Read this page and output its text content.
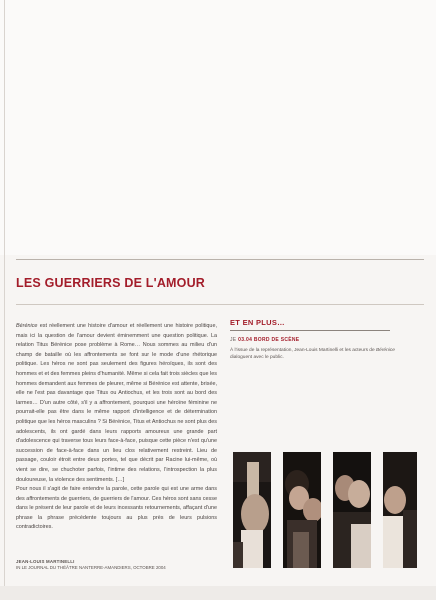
LES GUERRIERS DE L'AMOUR

Bérénice est réellement une histoire d'amour et réellement une histoire politique, mais ici la question de l'amour devient éminemment une question politique. La relation Titus Bérénice pose problème à Rome… Nous sommes au milieu d'un champ de bataille où les affrontements se font sur le mode d'une rhétorique politique. Les héros ne sont pas seulement des figures héroïques, ils sont des hommes et et des femmes pleins d'humanité. Même si cela fait trois siècles que les hommes demandent aux femmes de pleurer, même si Bérénice est attente, brisée, elle ne l'est pas davantage que Titus ou Antiochus, et les trois sont au bord des larmes… D'un autre côté, s'il y a affrontement, pourquoi une héroïne féminine ne pourrait-elle pas être dans le même rapport d'intelligence et de détermination politique que les héros masculins ? Si Bérénice, Titus et Antiochus ne sont plus des adolescents, ils ont gardé dans leurs rapports amoureux une grande part d'adolescence qui traverse tous leurs face-à-face, puisque cette pièce n'est qu'une succession de face-à-face dans un lieu clos relativement restreint. Lieu de passage, couloir étroit entre deux portes, tel que décrit par Racine lui-même, où vient se dire, se chuchoter parfois, l'intime des relations, l'introspection la plus douloureuse, la violence des sentiments. […]

Pour nous il s'agit de faire entendre la parole, cette parole qui est une arme dans des affrontements de guerriers, de guerriers de l'amour. Ces héros sont sans cesse dans le présent de leur parole et de leurs incessants retournements, affaçant d'une phrase la phrase précédente toujours au plus près de leurs pulsions contradictoires.

JEAN-LOUIS MARTINELLI
IN LE JOURNAL DU THÉÂTRE NANTERRE-AMANDIERS, OCTOBRE 2004
ET EN PLUS…
JE 03.04 BORD DE SCÈNE
À l'issue de la représentation, Jean-Louis Martinelli et les acteurs de Bérénice dialoguent avec le public.
